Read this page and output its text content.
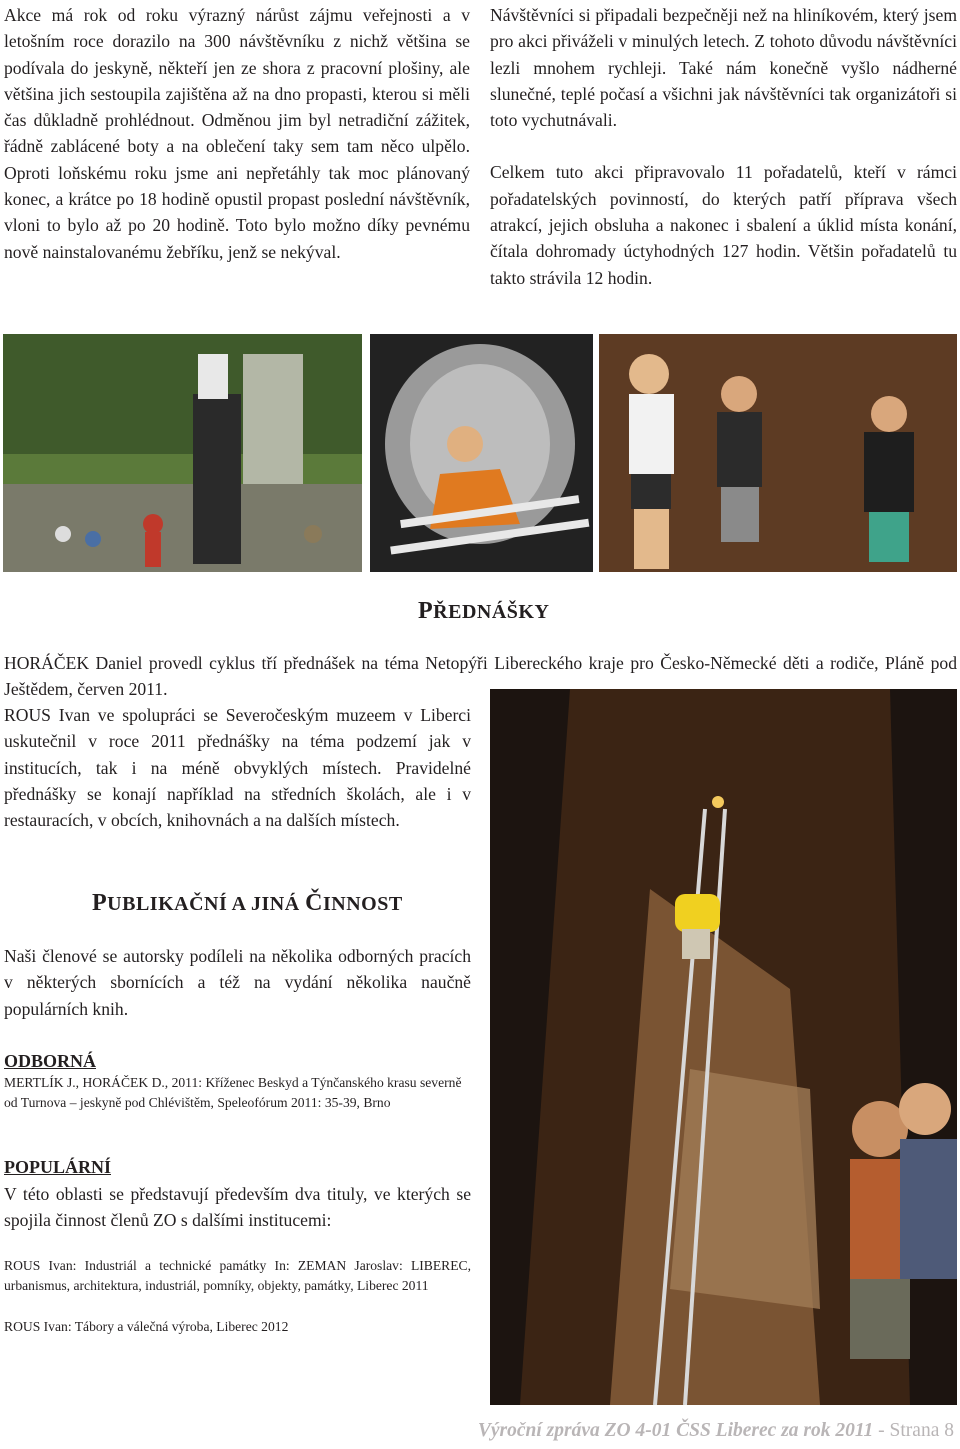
Akce má rok od roku výrazný nárůst zájmu veřejnosti a v letošním roce dorazilo na 300 návštěvníku z nichž většina se podívala do jeskyně, někteří jen ze shora z pracovní plošiny, ale většina jich sestoupila zajištěna až na dno propasti, kterou si měli čas důkladně prohlédnout. Odměnou jim byl netradiční zážitek, řádně zablácené boty a na oblečení taky sem tam něco ulpělo. Oproti loňskému roku jsme ani nepřetáhly tak moc plánovaný konec, a krátce po 18 hodině opustil propast poslední návštěvník, vloni to bylo až po 20 hodině. Toto bylo možno díky pevnému nově nainstalovanému žebříku, jenž se nekýval.

Návštěvníci si připadali bezpečněji než na hliníkovém, který jsem pro akci přiváželi v minulých letech. Z tohoto důvodu návštěvníci lezli mnohem rychleji. Také nám konečně vyšlo nádherné slunečné, teplé počasí a všichni jak návštěvníci tak organizátoři si toto vychutnávali.

Celkem tuto akci připravovalo 11 pořadatelů, kteří v rámci pořadatelských povinností, do kterých patří příprava všech atrakcí, jejich obsluha a nakonec i sbalení a úklid místa konání, čítala dohromady úctyhodných 127 hodin. Většin pořadatelů tu takto strávila 12 hodin.

PŘEDNÁŠKY

HORÁČEK Daniel provedl cyklus tří přednášek na téma Netopýři Libereckého kraje pro Česko-Německé děti a rodiče, Pláně pod Ještědem, červen 2011.

ROUS Ivan ve spolupráci se Severočeským muzeem v Liberci uskutečnil v roce 2011 přednášky na téma podzemí jak v institucích, tak i na méně obvyklých místech. Pravidelné přednášky se konají například na středních školách, ale i v restauracích, v obcích, knihovnách a na dalších místech.

PUBLIKAČNÍ A JINÁ ČINNOST

Naši členové se autorsky podíleli na několika odborných pracích v některých sbornících a též na vydání několika naučně populárních knih.

ODBORNÁ

MERTLÍK J., HORÁČEK D., 2011: Kříženec Beskyd a Týnčanského krasu severně od Turnova – jeskyně pod Chlévištěm, Speleofórum 2011: 35-39, Brno

POPULÁRNÍ

V této oblasti se představují především dva tituly, ve kterých se spojila činnost členů ZO s dalšími institucemi:

ROUS Ivan: Industriál a technické památky In: ZEMAN Jaroslav: LIBEREC, urbanismus, architektura, industriál, pomníky, objekty, památky, Liberec 2011

ROUS Ivan: Tábory a válečná výroba, Liberec 2012

Výroční zpráva ZO 4-01 ČSS Liberec za rok 2011 - Strana 8
